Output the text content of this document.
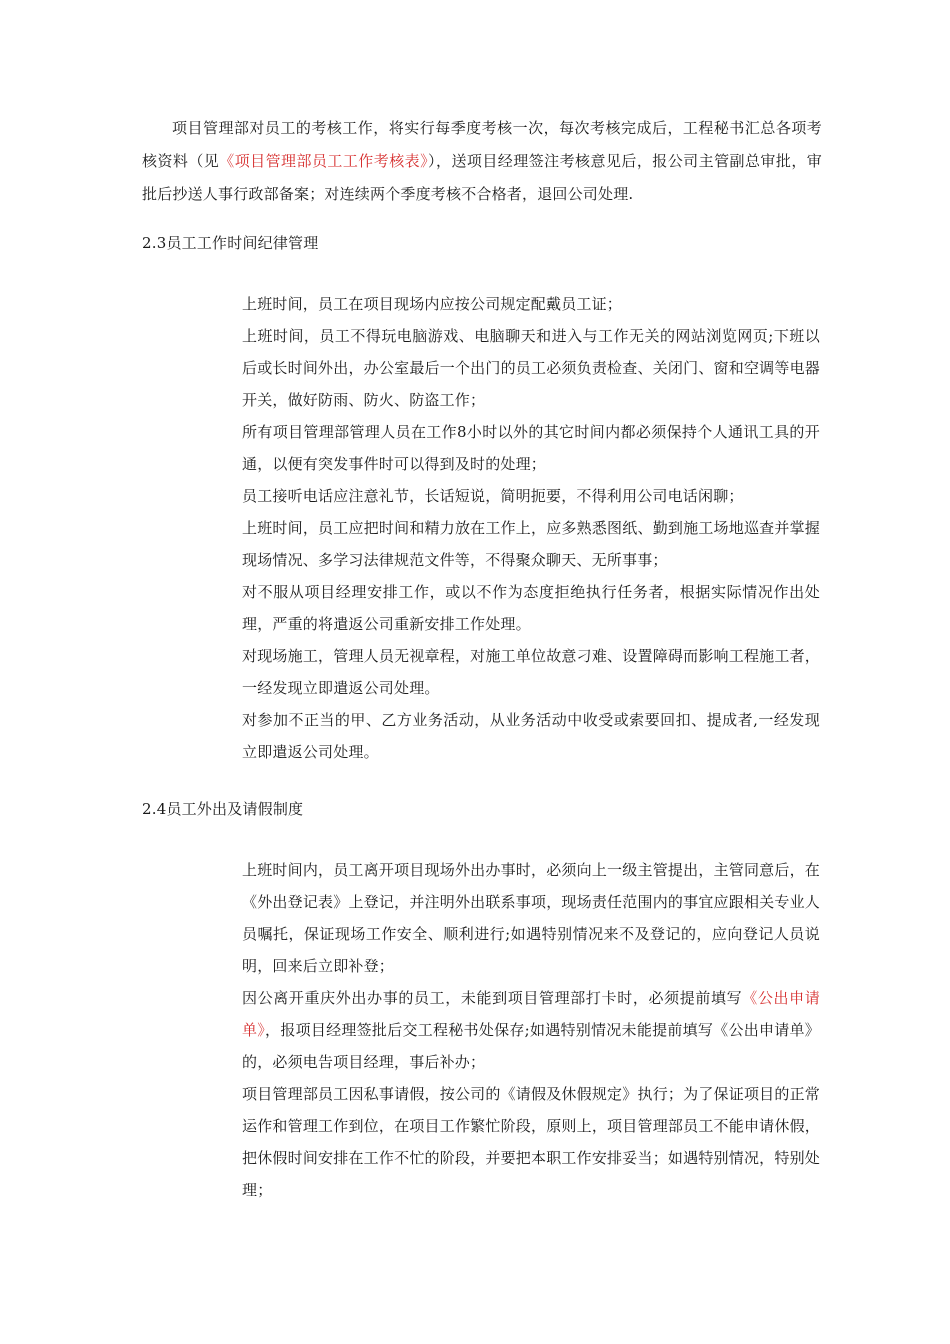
项目管理部对员工的考核工作，将实行每季度考核一次，每次考核完成后，工程秘书汇总各项考核资料（见《项目管理部员工工作考核表》），送项目经理签注考核意见后，报公司主管副总审批，审批后抄送人事行政部备案；对连续两个季度考核不合格者，退回公司处理.

2.3员工工作时间纪律管理
上班时间，员工在项目现场内应按公司规定配戴员工证；
上班时间，员工不得玩电脑游戏、电脑聊天和进入与工作无关的网站浏览网页;下班以后或长时间外出，办公室最后一个出门的员工必须负责检查、关闭门、窗和空调等电器开关，做好防雨、防火、防盗工作；
所有项目管理部管理人员在工作8小时以外的其它时间内都必须保持个人通讯工具的开通，以便有突发事件时可以得到及时的处理；
员工接听电话应注意礼节，长话短说，简明扼要，不得利用公司电话闲聊；
上班时间，员工应把时间和精力放在工作上，应多熟悉图纸、勤到施工场地巡查并掌握现场情况、多学习法律规范文件等，不得聚众聊天、无所事事；
对不服从项目经理安排工作，或以不作为态度拒绝执行任务者，根据实际情况作出处理，严重的将遣返公司重新安排工作处理。
对现场施工，管理人员无视章程，对施工单位故意刁难、设置障碍而影响工程施工者，一经发现立即遣返公司处理。
对参加不正当的甲、乙方业务活动，从业务活动中收受或索要回扣、提成者,一经发现立即遣返公司处理。
2.4员工外出及请假制度
上班时间内，员工离开项目现场外出办事时，必须向上一级主管提出，主管同意后，在《外出登记表》上登记，并注明外出联系事项，现场责任范围内的事宜应跟相关专业人员嘱托，保证现场工作安全、顺利进行;如遇特别情况来不及登记的，应向登记人员说明，回来后立即补登；
因公离开重庆外出办事的员工，未能到项目管理部打卡时，必须提前填写《公出申请单》，报项目经理签批后交工程秘书处保存;如遇特别情况未能提前填写《公出申请单》的，必须电告项目经理，事后补办；
项目管理部员工因私事请假，按公司的《请假及休假规定》执行；为了保证项目的正常运作和管理工作到位，在项目工作繁忙阶段，原则上，项目管理部员工不能申请休假，把休假时间安排在工作不忙的阶段，并要把本职工作安排妥当；如遇特别情况，特别处理；
